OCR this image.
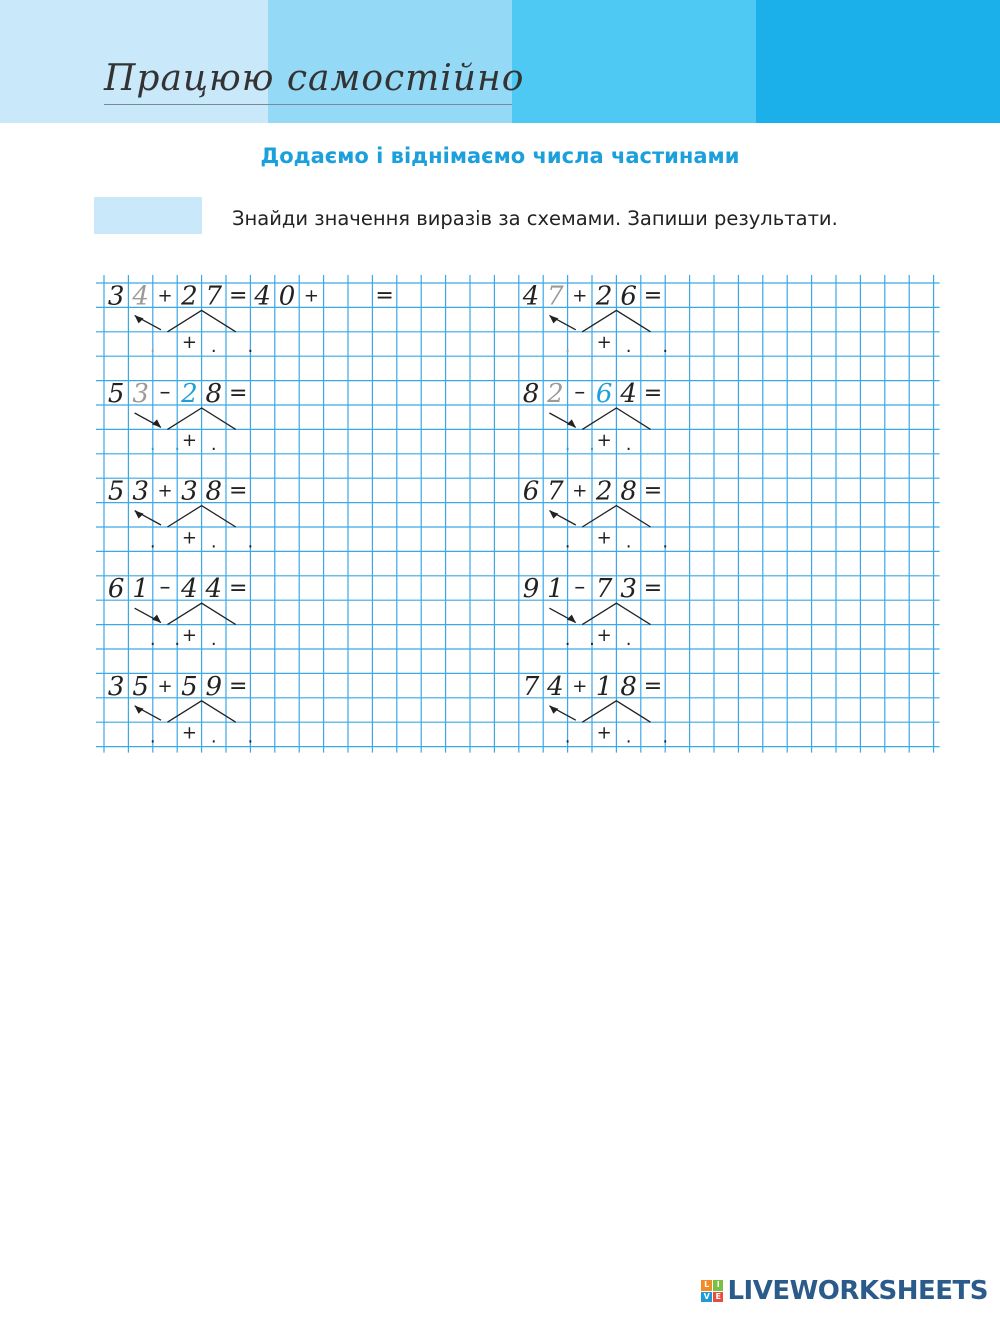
Працюю самостійно
Додаємо і віднімаємо числа частинами
Знайди значення виразів за схемами. Запиши результати.
3 4 + 2 7 = 4 0 +	=
. + . .
4 7 + 2 6 =
. + . .
5 3 – 2 8 =
. . + .
8 2 – 6 4 =
. . + .
5 3 + 3 8 =
. + . .
6 7 + 2 8 =
. + . .
6 1 – 4 4 =
. . + .
9 1 – 7 3 =
. . + .
3 5 + 5 9 =
. + . .
7 4 + 1 8 =
. + . .
L I
V E LIVEWORKSHEETS
